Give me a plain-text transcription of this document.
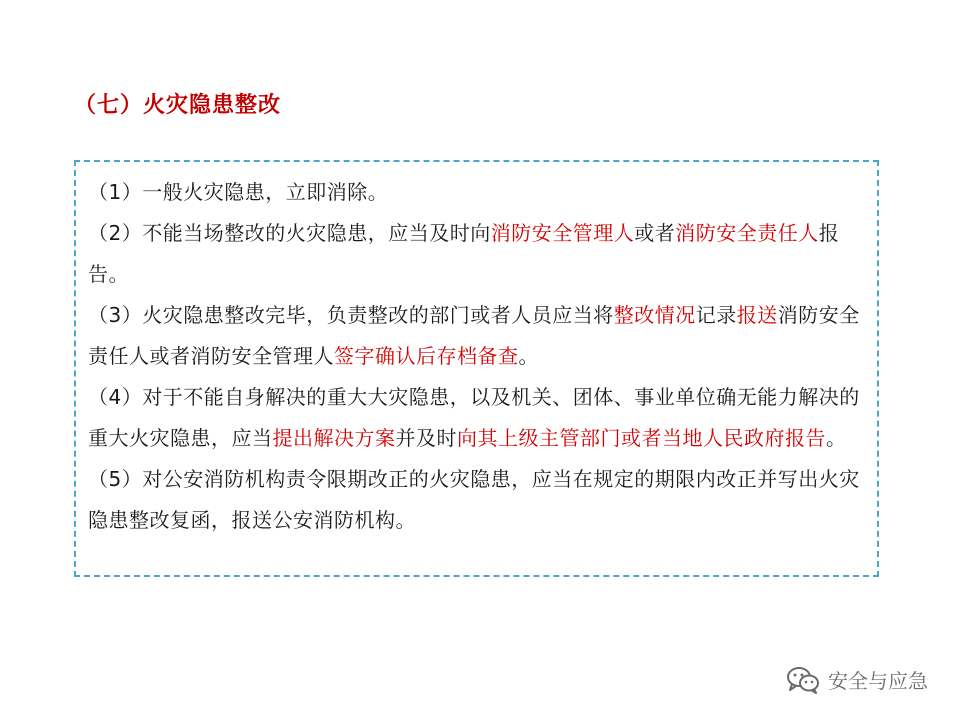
（七）火灾隐患整改

（1）一般火灾隐患，立即消除。

（2）不能当场整改的火灾隐患，应当及时向消防安全管理人或者消防安全责任人报告。

（3）火灾隐患整改完毕，负责整改的部门或者人员应当将整改情况记录报送消防安全责任人或者消防安全管理人签字确认后存档备查。

（4）对于不能自身解决的重大大灾隐患，以及机关、团体、事业单位确无能力解决的重大火灾隐患，应当提出解决方案并及时向其上级主管部门或者当地人民政府报告。

（5）对公安消防机构责令限期改正的火灾隐患，应当在规定的期限内改正并写出火灾隐患整改复函，报送公安消防机构。

安全与应急
